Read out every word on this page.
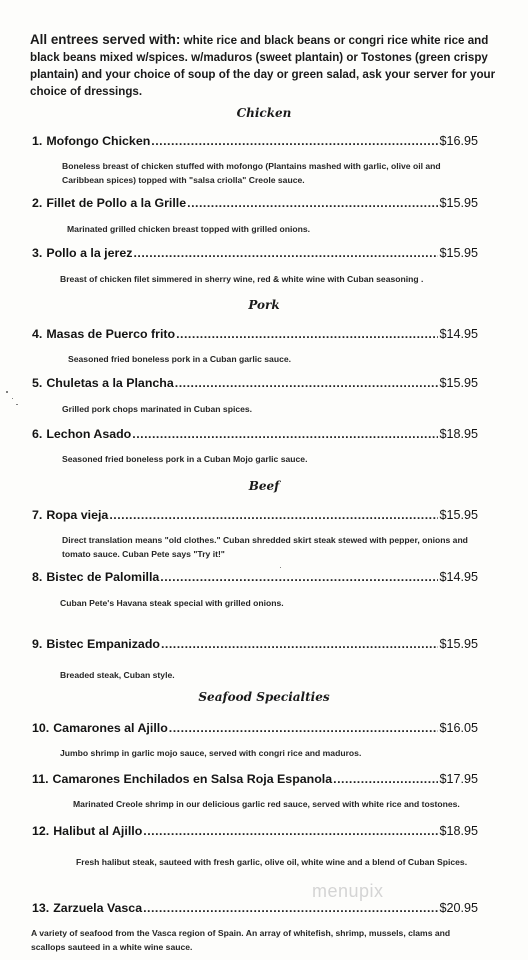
All entrees served with: white rice and black beans or congri rice white rice and black beans mixed w/spices. w/maduros (sweet plantain) or Tostones (green crispy plantain) and your choice of soup of the day or green salad, ask your server for your choice of dressings.
Chicken
1. Mofongo Chicken .....	$16.95
Boneless breast of chicken stuffed with mofongo (Plantains mashed with garlic, olive oil and Caribbean spices) topped with "salsa criolla" Creole sauce.
2. Fillet de Pollo a la Grille .....	$15.95
Marinated grilled chicken breast topped with grilled onions.
3. Pollo a la jerez .....	$15.95
Breast of chicken filet simmered in sherry wine, red & white wine with Cuban seasoning .
Pork
4. Masas de Puerco frito .....	$14.95
Seasoned fried boneless pork in a Cuban garlic sauce.
5. Chuletas a la Plancha .....	$15.95
Grilled pork chops marinated in Cuban spices.
6. Lechon Asado .....	$18.95
Seasoned fried boneless pork in a Cuban Mojo garlic sauce.
Beef
7. Ropa vieja .....	$15.95
Direct translation means "old clothes." Cuban shredded skirt steak stewed with pepper, onions and tomato sauce. Cuban Pete says "Try it!"
8. Bistec de Palomilla .....	$14.95
Cuban Pete's Havana steak special with grilled onions.
9. Bistec Empanizado .....	$15.95
Breaded steak, Cuban style.
Seafood Specialties
10. Camarones al Ajillo .....	$16.05
Jumbo shrimp in garlic mojo sauce, served with congri rice and maduros.
11. Camarones Enchilados en Salsa Roja Espanola .....	$17.95
Marinated Creole shrimp in our delicious garlic red sauce, served with white rice and tostones.
12. Halibut al Ajillo .....	$18.95
Fresh halibut steak, sauteed with fresh garlic, olive oil, white wine and a blend of Cuban Spices.
13. Zarzuela Vasca .....	$20.95
A variety of seafood from the Vasca region of Spain. An array of whitefish, shrimp, mussels, clams and scallops sauteed in a white wine sauce.
menupix
